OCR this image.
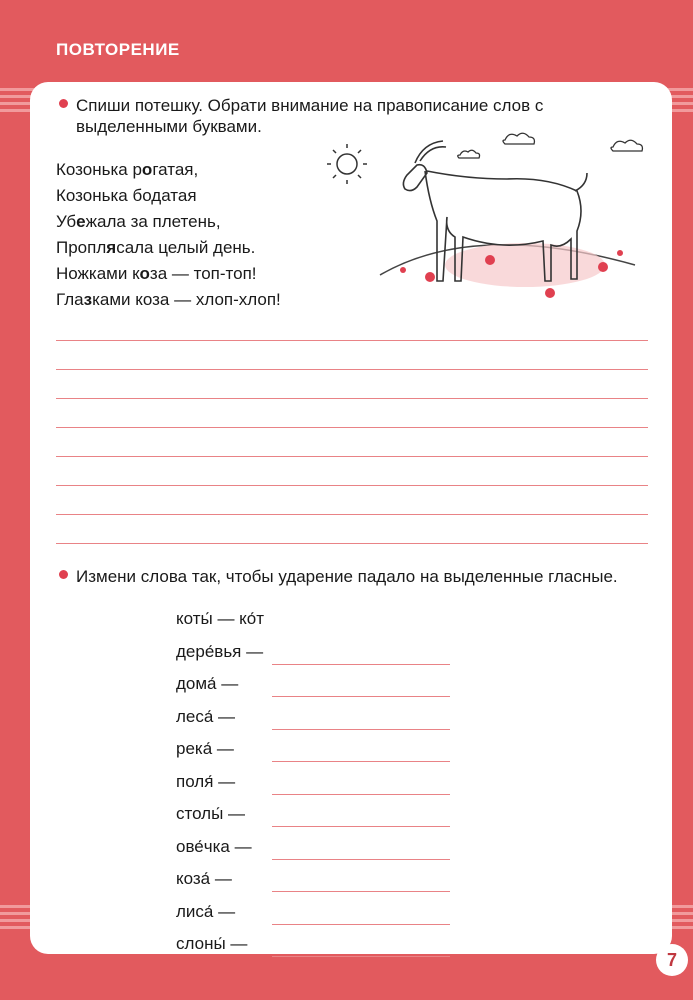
ПОВТОРЕНИЕ
Спиши потешку. Обрати внимание на правописание слов с выделенными буквами.
Козонька рогатая,
Козонька бодатая
Убежала за плетень,
Проплясала целый день.
Ножками коза — топ-топ!
Глазками коза — хлоп-хлоп!
Измени слова так, чтобы ударение падало на выделенные гласные.
коты́ — ко́т
дере́вья —
дома́ —
леса́ —
река́ —
поля́ —
столы́ —
ове́чка —
коза́ —
лиса́ —
слоны́ —
7
